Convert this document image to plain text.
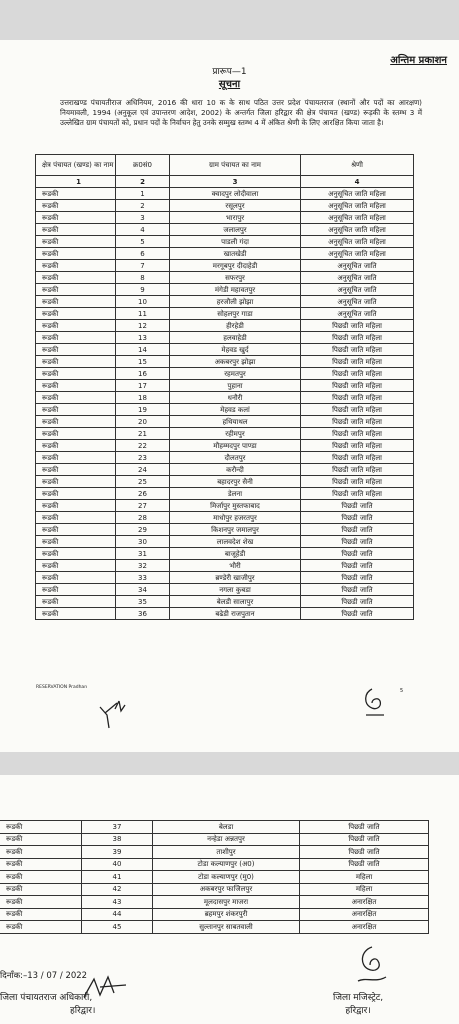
अन्तिम प्रकाशन
प्रारूप—1
सूचना
उत्तराखण्ड पंचायतीराज अधिनियम, 2016 की धारा 10 क के साथ पठित उत्तर प्रदेश पंचायतराज (स्थानों और पदों का आरक्षण) नियमावली, 1994 (अनुकूल एवं उपान्तरण आदेश, 2002) के अन्तर्गत जिला हरिद्वार की क्षेत्र पंचायत (खण्ड) रूड़की के स्तम्भ 3 में उल्लेखित ग्राम पंचायतों को, प्रधान पदों के निर्वाचन हेतु उनके सम्मुख स्तम्भ 4 में अंकित श्रेणी के लिए आरक्षित किया जाता है।
क्षेत्र पंचायत (खण्ड) का नाम	क्र0सं0	ग्राम पंचायत का नाम	श्रेणी
1	2	3	4
रूडकी	1	क्वादपुर लोदीवाला	अनुसूचित जाति महिला
रूडकी	2	रसूलपुर	अनुसूचित जाति महिला
रूडकी	3	भारापुर	अनुसूचित जाति महिला
रूडकी	4	जलालपुर	अनुसूचित जाति महिला
रूडकी	5	पाडली गंदा	अनुसूचित जाति महिला
रूडकी	6	खातखेडी	अनुसूचित जाति महिला
रूडकी	7	मरगूबपुर दीदाहेडी	अनुसूचित जाति
रूडकी	8	सफरपुर	अनुसूचित जाति
रूडकी	9	मंगेडी महावतपुर	अनुसूचित जाति
रूडकी	10	हरजौली झोझा	अनुसूचित जाति
रूडकी	11	सोहलपुर गाडा	अनुसूचित जाति
रूडकी	12	हीरहेडी	पिछडी जाति महिला
रूडकी	13	हलवाहेडी	पिछडी जाति महिला
रूडकी	14	मेहवड खुर्द	पिछडी जाति महिला
रूडकी	15	अकबरपुर झोझा	पिछडी जाति महिला
रूडकी	16	रहमतपुर	पिछडी जाति महिला
रूडकी	17	पुहाना	पिछडी जाति महिला
रूडकी	18	धनौरी	पिछडी जाति महिला
रूडकी	19	मेहवड कलां	पिछडी जाति महिला
रूडकी	20	हथियाथल	पिछडी जाति महिला
रूडकी	21	रहीमपुर	पिछडी जाति महिला
रूडकी	22	मौहम्मदपुर पाण्डा	पिछडी जाति महिला
रूडकी	23	दौलतपुर	पिछडी जाति महिला
रूडकी	24	करौन्दी	पिछडी जाति महिला
रूडकी	25	बहादरपुर सैनी	पिछडी जाति महिला
रूडकी	26	डेलना	पिछडी जाति महिला
रूडकी	27	मिर्जापुर मुस्तफाबाद	पिछडी जाति
रूडकी	28	माधोपुर हजरतपुर	पिछडी जाति
रूडकी	29	किशनपुर जमालपुर	पिछडी जाति
रूडकी	30	लालवदेश शेख	पिछडी जाति
रूडकी	31	बाजूहेडी	पिछडी जाति
रूडकी	32	भौरी	पिछडी जाति
रूडकी	33	ब्रण्डेरी खाजीपुर	पिछडी जाति
रूडकी	34	नगला कुबडा	पिछडी जाति
रूडकी	35	बेलडी सालापुर	पिछडी जाति
रूडकी	36	बढेडी राजपुतान	पिछडी जाति
RESERVATION Pradhan
5
रूडकी	37	बेलडा	पिछडी जाति
रूडकी	38	नन्हेडा अन्नतपुर	पिछडी जाति
रूडकी	39	ताशीपुर	पिछडी जाति
रूडकी	40	टोडा कल्याणपुर (अ0)	पिछडी जाति
रूडकी	41	टोडा कल्याणपुर (मु0)	महिला
रूडकी	42	अकबरपुर फाजिलपुर	महिला
रूडकी	43	मूलदासपुर माजरा	अनारक्षित
रूडकी	44	ब्रहमपुर शंकरपुरी	अनारक्षित
रूडकी	45	सुल्तानपुर साबतवाली	अनारक्षित
दिनाँक:–13 / 07 / 2022
जिला पंचायतराज अधिकारी,
हरिद्वार।
जिला मजिस्ट्रेट,
हरिद्वार।
